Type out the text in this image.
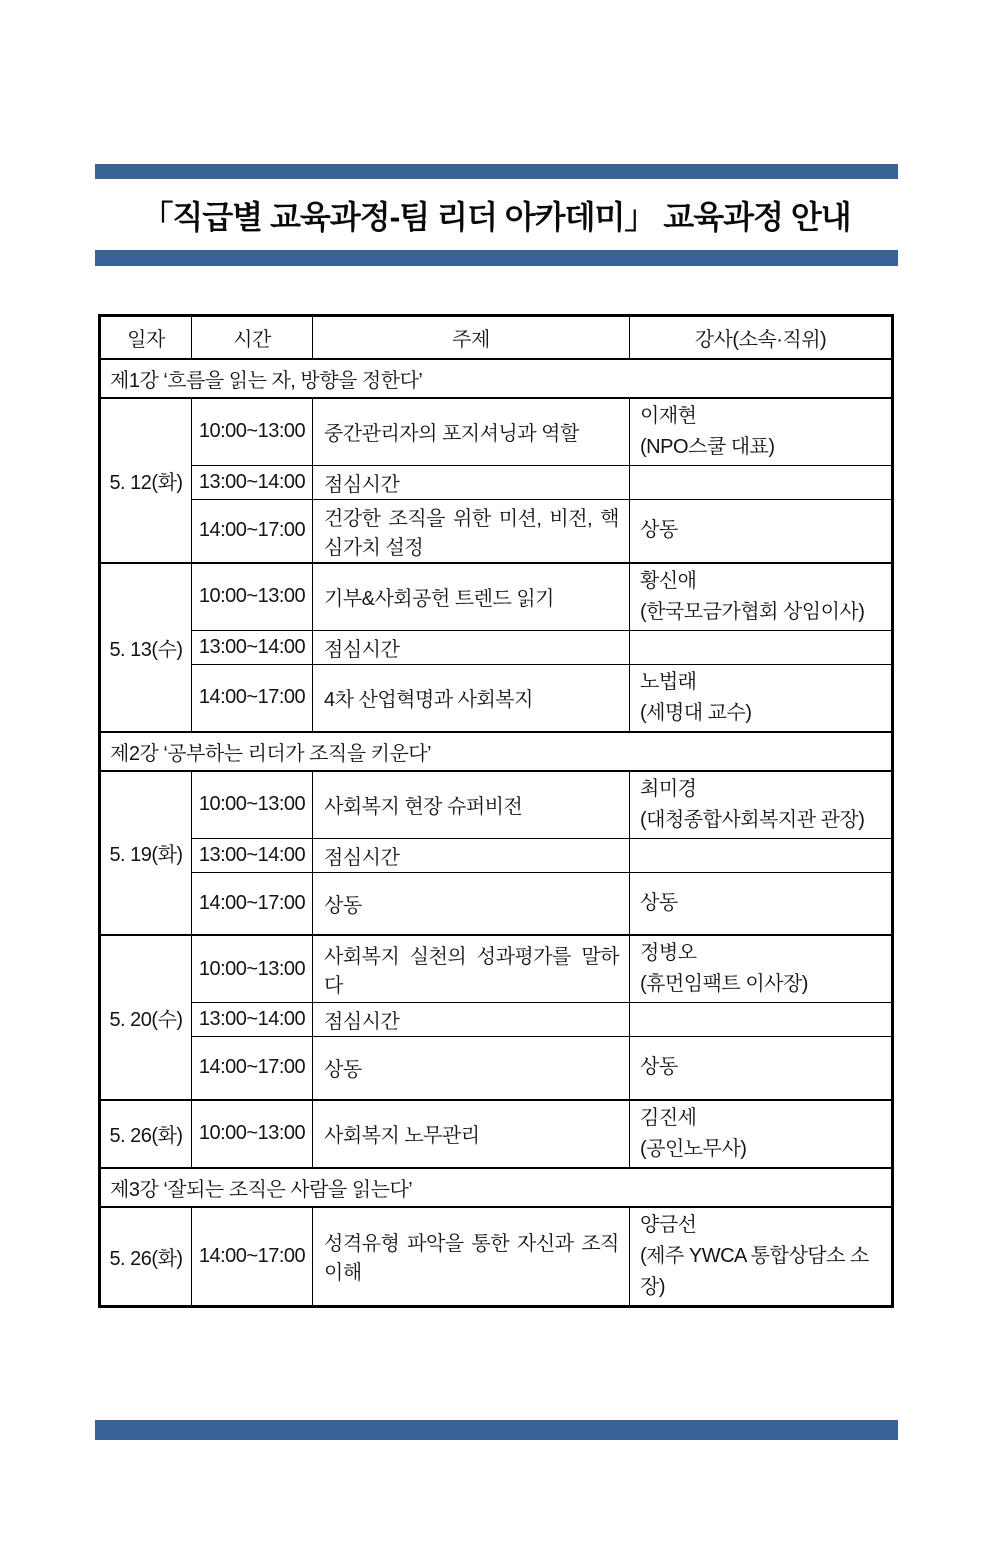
「직급별 교육과정-팀 리더 아카데미」 교육과정 안내
일자	시간	주제	강사(소속·직위)
제1강 ‘흐름을 읽는 자, 방향을 정한다’			
5. 12(화)	10:00~13:00	중간관리자의 포지셔닝과 역할	이재현
(NPO스쿨 대표)

	13:00~14:00	점심시간	
	14:00~17:00	건강한 조직을 위한 미션, 비전, 핵심가치 설정	상동

5. 13(수)	10:00~13:00	기부&사회공헌 트렌드 읽기	황신애
(한국모금가협회 상임이사)

	13:00~14:00	점심시간	
	14:00~17:00	4차 산업혁명과 사회복지	노법래
(세명대 교수)

제2강 ‘공부하는 리더가 조직을 키운다’			
5. 19(화)	10:00~13:00	사회복지 현장 슈퍼비전	최미경
(대청종합사회복지관 관장)

	13:00~14:00	점심시간	
	14:00~17:00	상동	상동

5. 20(수)	10:00~13:00	사회복지 실천의 성과평가를 말하다	정병오
(휴먼임팩트 이사장)

	13:00~14:00	점심시간	
	14:00~17:00	상동	상동

5. 26(화)	10:00~13:00	사회복지 노무관리	김진세
(공인노무사)

제3강 ‘잘되는 조직은 사람을 읽는다’			
5. 26(화)	14:00~17:00	성격유형 파악을 통한 자신과 조직 이해	양금선
(제주 YWCA 통합상담소 소장)
